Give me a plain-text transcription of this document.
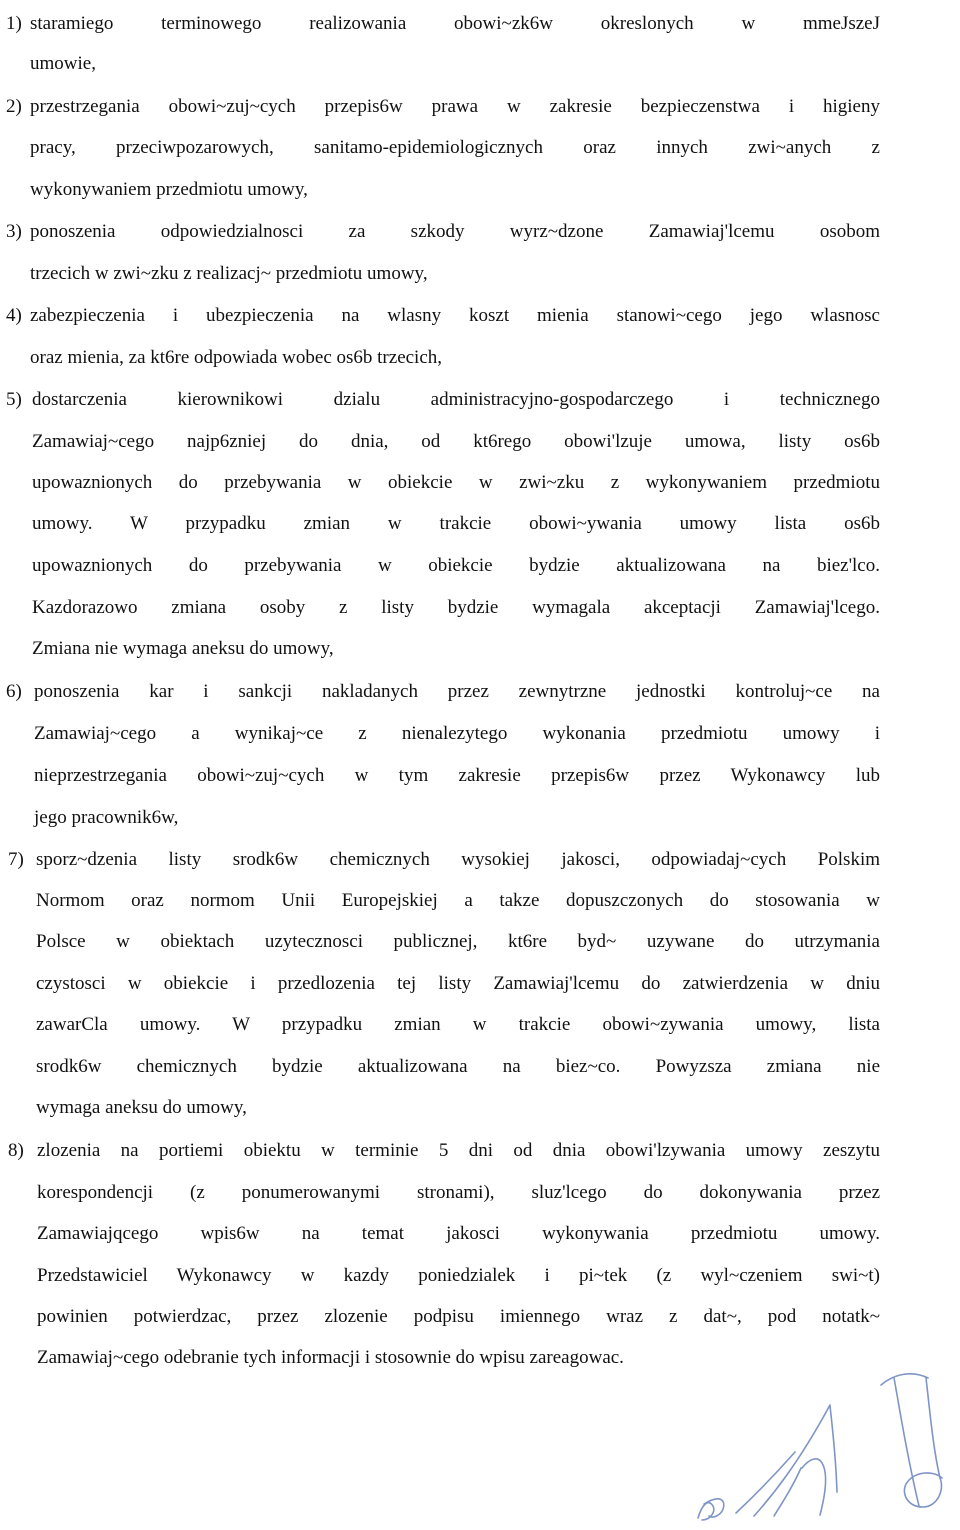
1) staramiego terminowego realizowania obowi~zk6w okreslonych w mmeJszeJ
umowie,
2) przestrzegania obowi~zuj~cych przepis6w prawa w zakresie bezpieczenstwa i higieny
pracy, przeciwpozarowych, sanitamo-epidemiologicznych oraz innych zwi~anych z
wykonywaniem przedmiotu umowy,
3) ponoszenia odpowiedzialnosci za szkody wyrz~dzone Zamawiaj'lcemu osobom
trzecich w zwi~zku z realizacj~ przedmiotu umowy,
4) zabezpieczenia i ubezpieczenia na wlasny koszt mienia stanowi~cego jego wlasnosc
oraz mienia, za kt6re odpowiada wobec os6b trzecich,
5) dostarczenia kierownikowi dzialu administracyjno-gospodarczego i technicznego
Zamawiaj~cego najp6zniej do dnia, od kt6rego obowi'lzuje umowa, listy os6b
upowaznionych do przebywania w obiekcie w zwi~zku z wykonywaniem przedmiotu
umowy. W przypadku zmian w trakcie obowi~ywania umowy lista os6b
upowaznionych do przebywania w obiekcie bydzie aktualizowana na biez'lco.
Kazdorazowo zmiana osoby z listy bydzie wymagala akceptacji Zamawiaj'lcego.
Zmiana nie wymaga aneksu do umowy,
6) ponoszenia kar i sankcji nakladanych przez zewnytrzne jednostki kontroluj~ce na
Zamawiaj~cego a wynikaj~ce z nienalezytego wykonania przedmiotu umowy i
nieprzestrzegania obowi~zuj~cych w tym zakresie przepis6w przez Wykonawcy lub
jego pracownik6w,
7) sporz~dzenia listy srodk6w chemicznych wysokiej jakosci, odpowiadaj~cych Polskim
Normom oraz normom Unii Europejskiej a takze dopuszczonych do stosowania w
Polsce w obiektach uzytecznosci publicznej, kt6re byd~ uzywane do utrzymania
czystosci w obiekcie i przedlozenia tej listy Zamawiaj'lcemu do zatwierdzenia w dniu
zawarCla umowy. W przypadku zmian w trakcie obowi~zywania umowy, lista
srodk6w chemicznych bydzie aktualizowana na biez~co. Powyzsza zmiana nie
wymaga aneksu do umowy,
8) zlozenia na portiemi obiektu w terminie 5 dni od dnia obowi'lzywania umowy zeszytu
korespondencji (z ponumerowanymi stronami), sluz'lcego do dokonywania przez
Zamawiajqcego wpis6w na temat jakosci wykonywania przedmiotu umowy.
Przedstawiciel Wykonawcy w kazdy poniedzialek i pi~tek (z wyl~czeniem swi~t)
powinien potwierdzac, przez zlozenie podpisu imiennego wraz z dat~, pod notatk~
Zamawiaj~cego odebranie tych informacji i stosownie do wpisu zareagowac.
